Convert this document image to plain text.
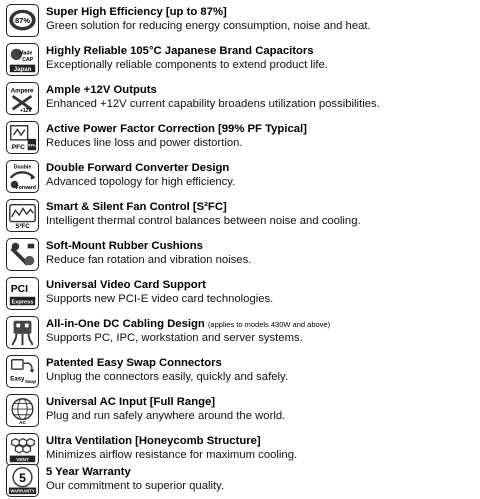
87%
Super High Efficiency [up to 87%]
Green solution for reducing energy consumption, noise and heat.
Made
CAP
Japan
Highly Reliable 105°C Japanese Brand Capacitors
Exceptionally reliable components to extend product life.
Ampere
+12V
Ample +12V Outputs
Enhanced +12V current capability broadens utilization possibilities.
PFC 99%
Active Power Factor Correction [99% PF Typical]
Reduces line loss and power distortion.
Double
Forward
Double Forward Converter Design
Advanced topology for high efficiency.
S²FC
Smart & Silent Fan Control [S²FC]
Intelligent thermal control balances between noise and cooling.
Soft-Mount Rubber Cushions
Reduce fan rotation and vibration noises.
PCI
Express
Universal Video Card Support
Supports new PCI-E video card technologies.
All-in-One DC Cabling Design (applies to models 430W and above)
Supports PC, IPC, workstation and server systems.
Easy Swap
Patented Easy Swap Connectors
Unplug the connectors easily, quickly and safely.
AC
Universal AC Input [Full Range]
Plug and run safely anywhere around the world.
VENT
Ultra Ventilation [Honeycomb Structure]
Minimizes airflow resistance for maximum cooling.
5
WARRANTY
5 Year Warranty
Our commitment to superior quality.
